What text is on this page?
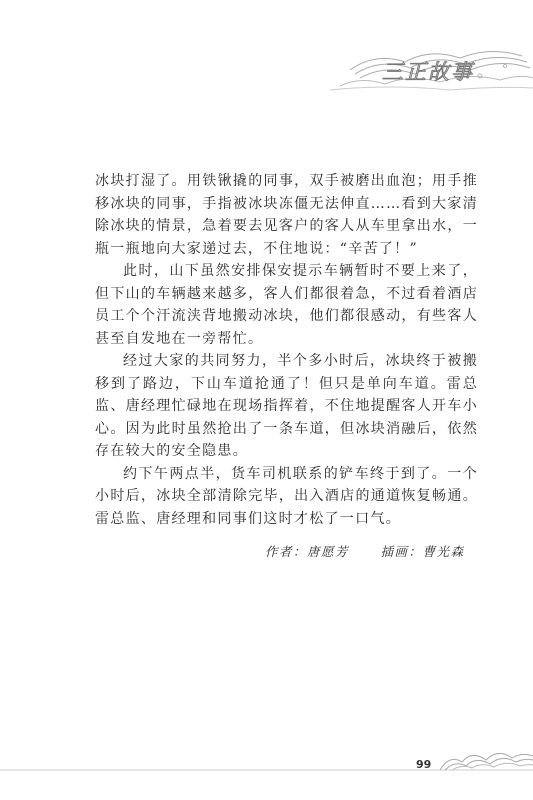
三正故事

冰块打湿了。用铁锹撬的同事，双手被磨出血泡；用手推移冰块的同事，手指被冰块冻僵无法伸直……看到大家清除冰块的情景，急着要去见客户的客人从车里拿出水，一瓶一瓶地向大家递过去，不住地说：“辛苦了！”

此时，山下虽然安排保安提示车辆暂时不要上来了，但下山的车辆越来越多，客人们都很着急，不过看着酒店员工个个汗流浃背地搬动冰块，他们都很感动，有些客人甚至自发地在一旁帮忙。

经过大家的共同努力，半个多小时后，冰块终于被搬移到了路边，下山车道抢通了！但只是单向车道。雷总监、唐经理忙碌地在现场指挥着，不住地提醒客人开车小心。因为此时虽然抢出了一条车道，但冰块消融后，依然存在较大的安全隐患。

约下午两点半，货车司机联系的铲车终于到了。一个小时后，冰块全部清除完毕，出入酒店的通道恢复畅通。雷总监、唐经理和同事们这时才松了一口气。

作者：唐愿芳	插画：曹光森
99
